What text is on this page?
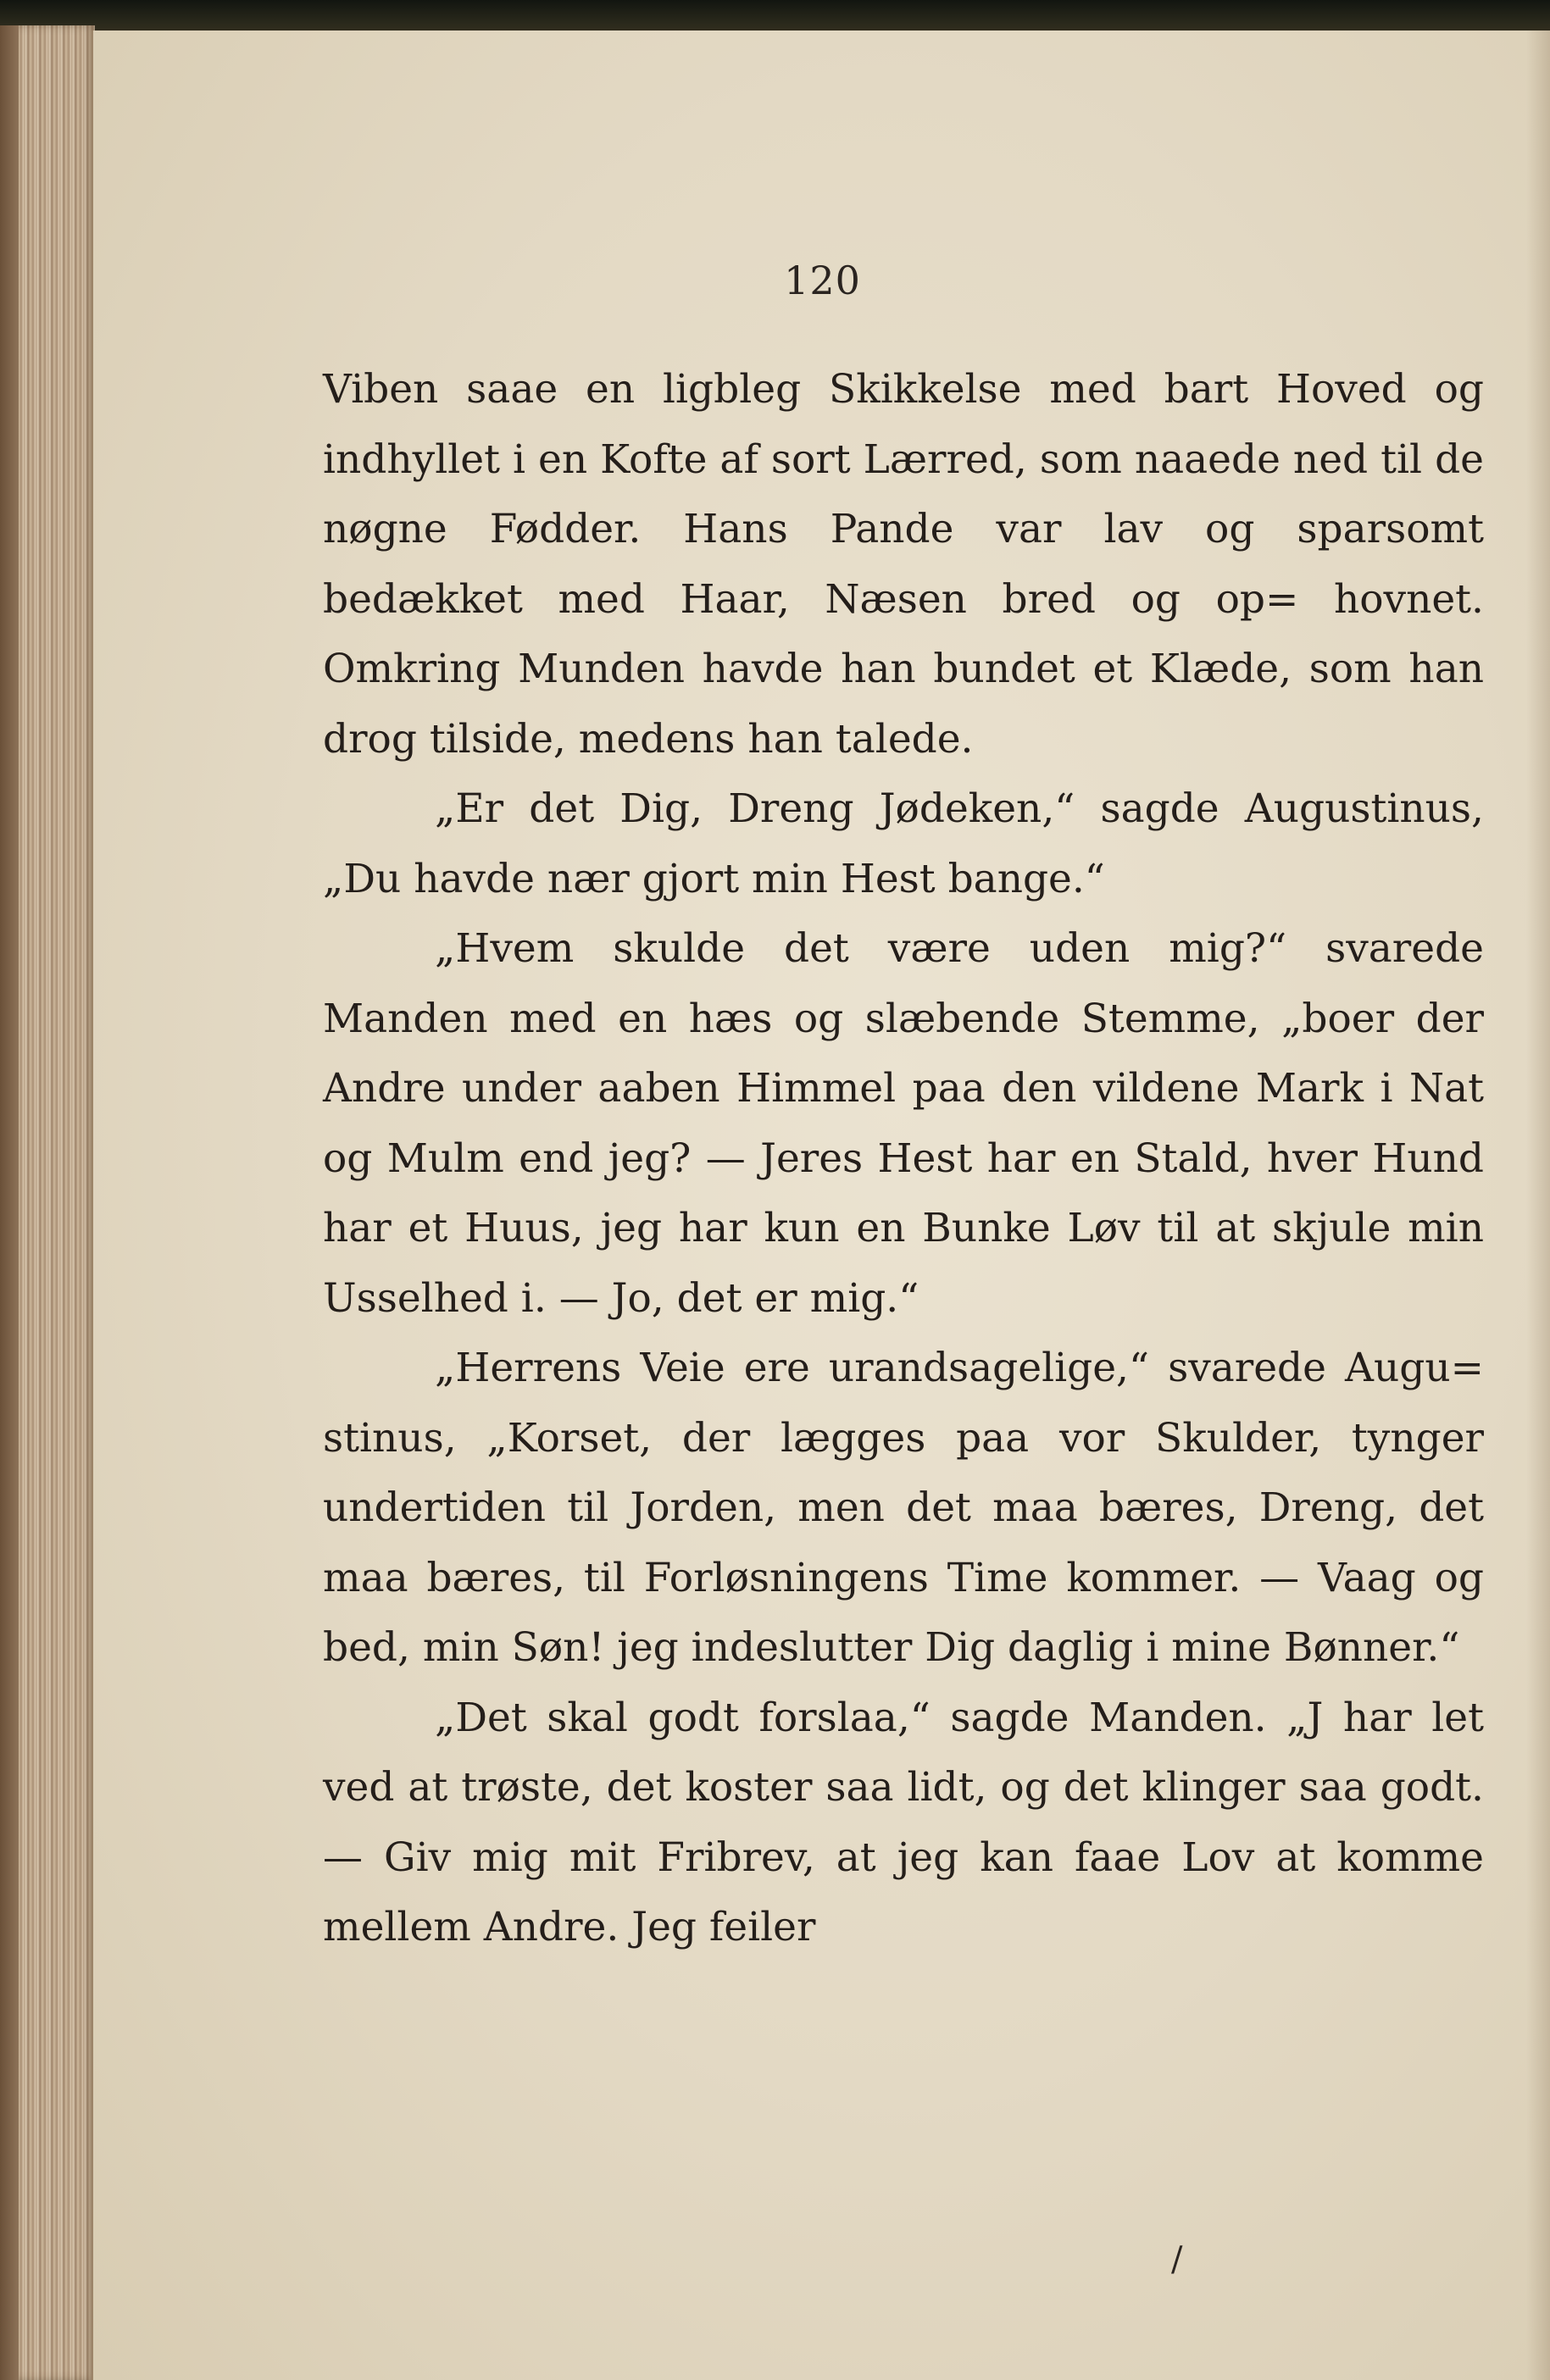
120

Viben saae en ligbleg Skikkelse med bart Hoved og indhyllet i en Kofte af sort Lærred, som naaede ned til de nøgne Fødder. Hans Pande var lav og sparsomt bedækket med Haar, Næsen bred og op= hovnet. Omkring Munden havde han bundet et Klæde, som han drog tilside, medens han talede.

„Er det Dig, Dreng Jødeken,“ sagde Augustinus, „Du havde nær gjort min Hest bange.“

„Hvem skulde det være uden mig?“ svarede Manden med en hæs og slæbende Stemme, „boer der Andre under aaben Himmel paa den vildene Mark i Nat og Mulm end jeg? — Jeres Hest har en Stald, hver Hund har et Huus, jeg har kun en Bunke Løv til at skjule min Usselhed i. — Jo, det er mig.“

„Herrens Veie ere urandsagelige,“ svarede Augu= stinus, „Korset, der lægges paa vor Skulder, tynger undertiden til Jorden, men det maa bæres, Dreng, det maa bæres, til Forløsningens Time kommer. — Vaag og bed, min Søn! jeg indeslutter Dig daglig i mine Bønner.“

„Det skal godt forslaa,“ sagde Manden. „J har let ved at trøste, det koster saa lidt, og det klinger saa godt. — Giv mig mit Fribrev, at jeg kan faae Lov at komme mellem Andre. Jeg feiler

/
